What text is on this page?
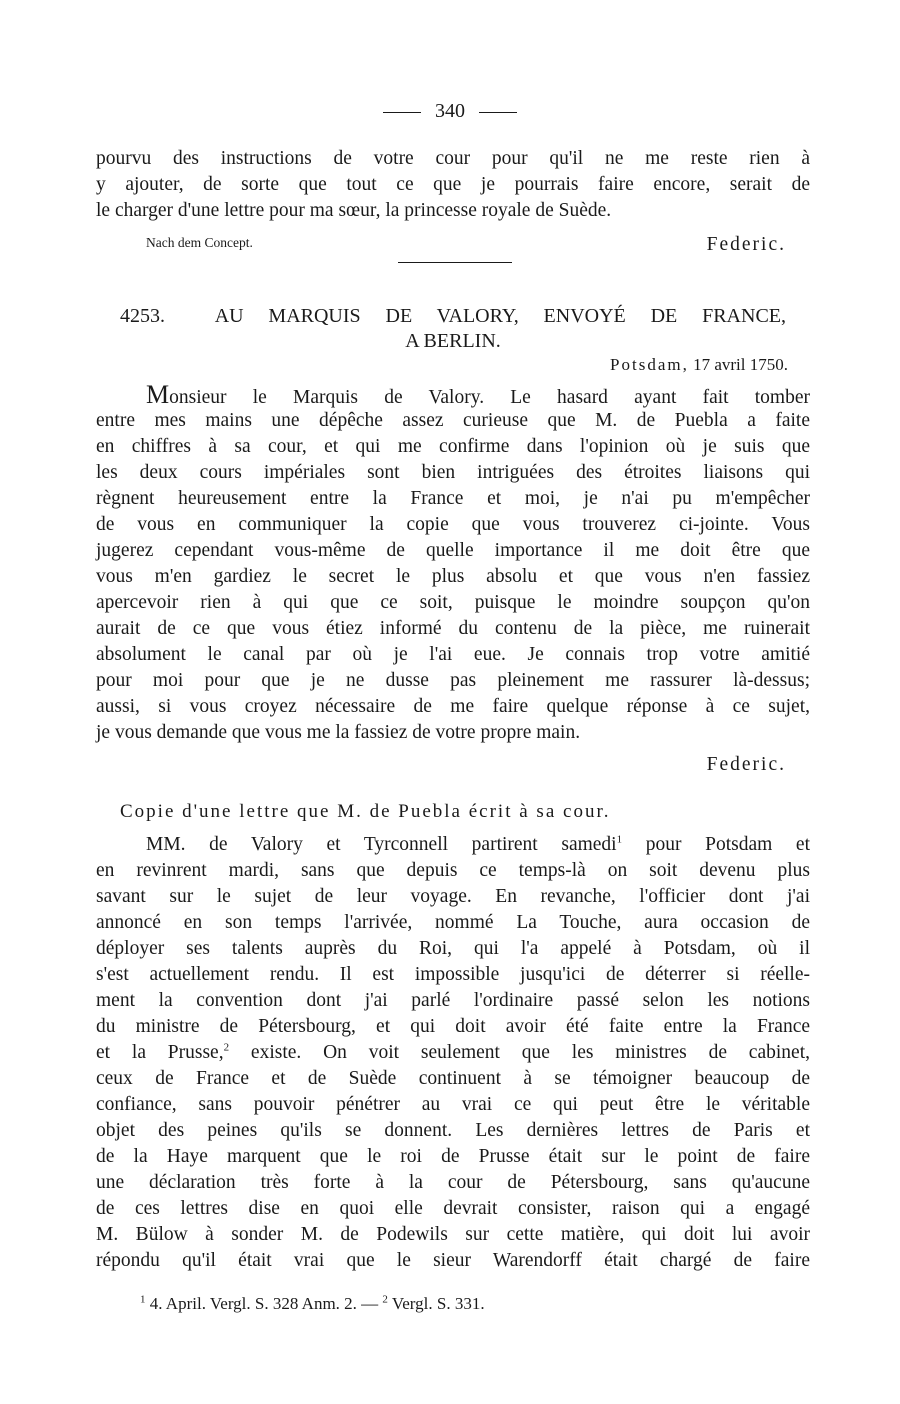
340
pourvu des instructions de votre cour pour qu'il ne me reste rien à
y ajouter, de sorte que tout ce que je pourrais faire encore, serait de
le charger d'une lettre pour ma sœur, la princesse royale de Suède.
Nach dem Concept.	Federic.
4253. AU MARQUIS DE VALORY, ENVOYÉ DE FRANCE,
A BERLIN.
Potsdam, 17 avril 1750.
Monsieur le Marquis de Valory. Le hasard ayant fait tomber
entre mes mains une dépêche assez curieuse que M. de Puebla a faite
en chiffres à sa cour, et qui me confirme dans l'opinion où je suis que
les deux cours impériales sont bien intriguées des étroites liaisons qui
règnent heureusement entre la France et moi, je n'ai pu m'empêcher
de vous en communiquer la copie que vous trouverez ci-jointe. Vous
jugerez cependant vous-même de quelle importance il me doit être que
vous m'en gardiez le secret le plus absolu et que vous n'en fassiez
apercevoir rien à qui que ce soit, puisque le moindre soupçon qu'on
aurait de ce que vous étiez informé du contenu de la pièce, me ruinerait
absolument le canal par où je l'ai eue. Je connais trop votre amitié
pour moi pour que je ne dusse pas pleinement me rassurer là-dessus;
aussi, si vous croyez nécessaire de me faire quelque réponse à ce sujet,
je vous demande que vous me la fassiez de votre propre main.
Federic.
Copie d'une lettre que M. de Puebla écrit à sa cour.
MM. de Valory et Tyrconnell partirent samedi$^1$ pour Potsdam et
en revinrent mardi, sans que depuis ce temps-là on soit devenu plus
savant sur le sujet de leur voyage. En revanche, l'officier dont j'ai
annoncé en son temps l'arrivée, nommé La Touche, aura occasion de
déployer ses talents auprès du Roi, qui l'a appelé à Potsdam, où il
s'est actuellement rendu. Il est impossible jusqu'ici de déterrer si réelle-
ment la convention dont j'ai parlé l'ordinaire passé selon les notions
du ministre de Pétersbourg, et qui doit avoir été faite entre la France
et la Prusse,$^2$ existe. On voit seulement que les ministres de cabinet,
ceux de France et de Suède continuent à se témoigner beaucoup de
confiance, sans pouvoir pénétrer au vrai ce qui peut être le véritable
objet des peines qu'ils se donnent. Les dernières lettres de Paris et
de la Haye marquent que le roi de Prusse était sur le point de faire
une déclaration très forte à la cour de Pétersbourg, sans qu'aucune
de ces lettres dise en quoi elle devrait consister, raison qui a engagé
M. Bülow à sonder M. de Podewils sur cette matière, qui doit lui avoir
répondu qu'il était vrai que le sieur Warendorff était chargé de faire
$^1$ 4. April. Vergl. S. 328 Anm. 2. — $^2$ Vergl. S. 331.
